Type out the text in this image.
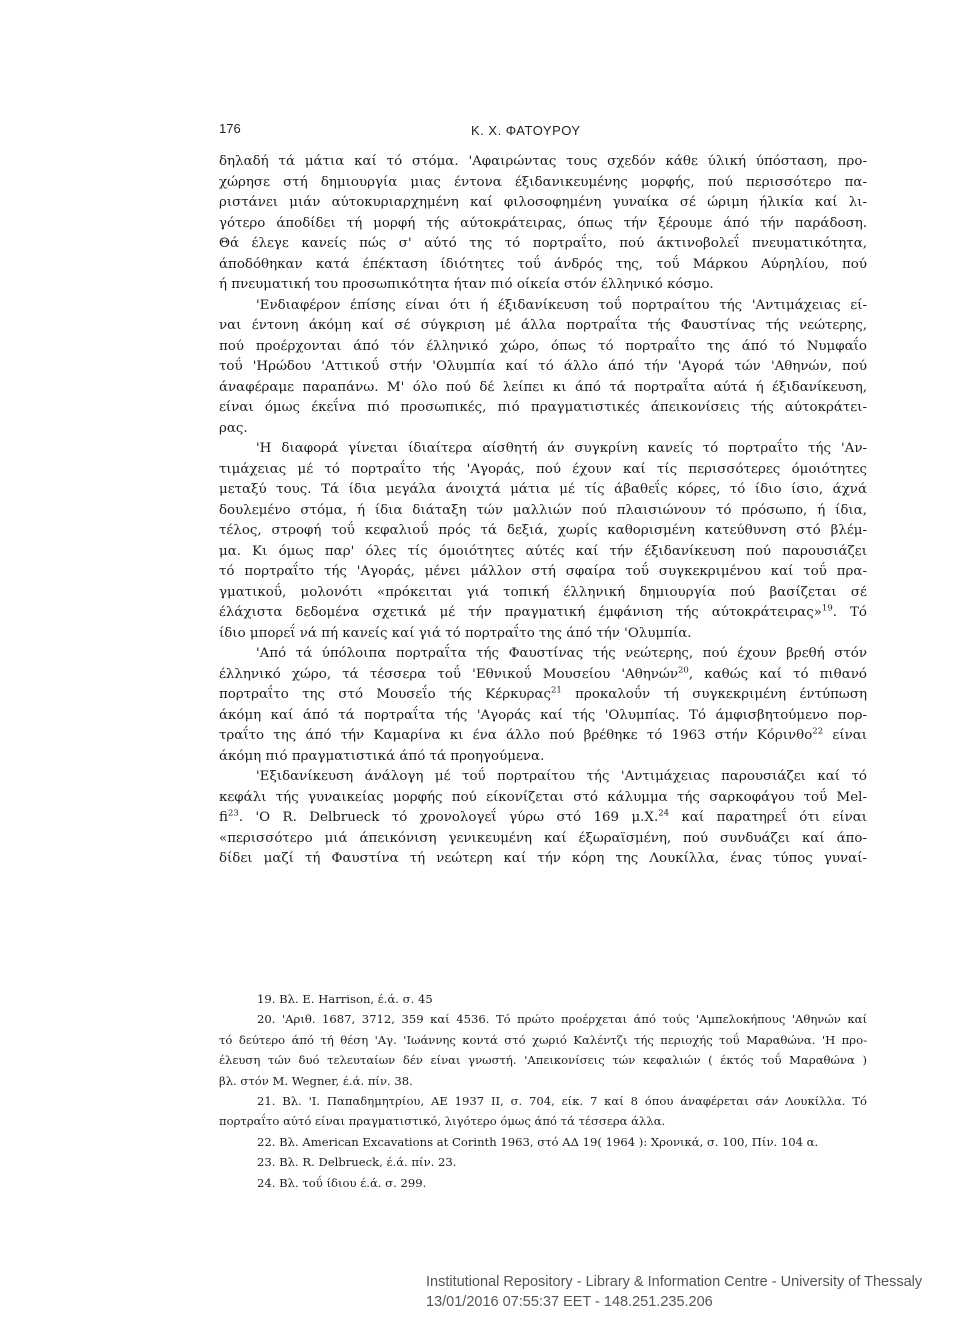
176	Κ. Χ. ΦΑΤΟΥΡΟΥ
δηλαδή τά μάτια καί τό στόμα. 'Αφαιρώντας τους σχεδόν κάθε ύλική ύπόσταση, προ-
χώρησε στή δημιουργία μιας έντονα έξιδανικευμένης μορφής, πού περισσότερο πα-
ριστάνει μιάν αύτοκυριαρχημένη καί φιλοσοφημένη γυναίκα σέ ώριμη ήλικία καί λι-
γότερο άποδίδει τή μορφή τής αύτοκράτειρας, όπως τήν ξέρουμε άπό τήν παράδοση.
Θά έλεγε κανείς πώς σ' αύτό της τό πορτραΐτο, πού άκτινοβολεΐ πνευματικότητα,
άποδόθηκαν κατά έπέκταση ίδιότητες τοΰ άνδρός της, τοΰ Μάρκου Αύρηλίου, πού
ή πνευματική του προσωπικότητα ήταν πιό οίκεία στόν έλληνικό κόσμο.
'Ενδιαφέρον έπίσης είναι ότι ή έξιδανίκευση τοΰ πορτραίτου τής 'Αντιμάχειας εί-
ναι έντονη άκόμη καί σέ σύγκριση μέ άλλα πορτραΐτα τής Φαυστίνας τής νεώτερης,
πού προέρχονται άπό τόν έλληνικό χώρο, όπως τό πορτραΐτο της άπό τό Νυμφαΐο
τοΰ 'Ηρώδου 'Αττικοΰ στήν 'Ολυμπία καί τό άλλο άπό τήν 'Αγορά τών 'Αθηνών, πού
άναφέραμε παραπάνω. Μ' όλο πού δέ λείπει κι άπό τά πορτραΐτα αύτά ή έξιδανίκευση,
είναι όμως έκεΐνα πιό προσωπικές, πιό πραγματιστικές άπεικονίσεις τής αύτοκράτει-
ρας.
'Η διαφορά γίνεται ίδιαίτερα αίσθητή άν συγκρίνη κανείς τό πορτραΐτο τής 'Αν-
τιμάχειας μέ τό πορτραΐτο τής 'Αγοράς, πού έχουν καί τίς περισσότερες όμοιότητες
μεταξύ τους. Τά ίδια μεγάλα άνοιχτά μάτια μέ τίς άβαθεΐς κόρες, τό ίδιο ίσιο, άχνά
δουλεμένο στόμα, ή ίδια διάταξη τών μαλλιών πού πλαισιώνουν τό πρόσωπο, ή ίδια,
τέλος, στροφή τοΰ κεφαλιοΰ πρός τά δεξιά, χωρίς καθορισμένη κατεύθυνση στό βλέμ-
μα. Κι όμως παρ' όλες τίς όμοιότητες αύτές καί τήν έξιδανίκευση πού παρουσιάζει
τό πορτραΐτο τής 'Αγοράς, μένει μάλλον στή σφαίρα τοΰ συγκεκριμένου καί τοΰ πρα-
γματικοΰ, μολονότι «πρόκειται γιά τοπική έλληνική δημιουργία πού βασίζεται σέ
έλάχιστα δεδομένα σχετικά μέ τήν πραγματική έμφάνιση τής αύτοκράτειρας»$^{19}$. Τό
ίδιο μπορεΐ νά πή κανείς καί γιά τό πορτραΐτο της άπό τήν 'Ολυμπία.
'Από τά ύπόλοιπα πορτραΐτα τής Φαυστίνας τής νεώτερης, πού έχουν βρεθή στόν
έλληνικό χώρο, τά τέσσερα τοΰ 'Εθνικοΰ Μουσείου 'Αθηνών$^{20}$, καθώς καί τό πιθανό
πορτραΐτο της στό Μουσεΐο τής Κέρκυρας$^{21}$ προκαλοΰν τή συγκεκριμένη έντύπωση
άκόμη καί άπό τά πορτραΐτα τής 'Αγοράς καί τής 'Ολυμπίας. Τό άμφισβητούμενο πορ-
τραΐτο της άπό τήν Καμαρίνα κι ένα άλλο πού βρέθηκε τό 1963 στήν Κόρινθο$^{22}$ είναι
άκόμη πιό πραγματιστικά άπό τά προηγούμενα.
'Εξιδανίκευση άνάλογη μέ τοΰ πορτραίτου τής 'Αντιμάχειας παρουσιάζει καί τό
κεφάλι τής γυναικείας μορφής πού είκονίζεται στό κάλυμμα τής σαρκοφάγου τοΰ Mel-
$fi^{23}$. 'Ο R. Delbrueck τό χρονολογεΐ γύρω στό 169 μ.Χ.$^{24}$ καί παρατηρεΐ ότι είναι
«περισσότερο μιά άπεικόνιση γενικευμένη καί έξωραϊσμένη, πού συνδυάζει καί άπο-
δίδει μαζί τή Φαυστίνα τή νεώτερη καί τήν κόρη της Λουκίλλα, ένας τύπος γυναί-
19. Βλ. E. Harrison, έ.ά. σ. 45
20. 'Αριθ. 1687, 3712, 359 καί 4536. Τό πρώτο προέρχεται άπό τούς 'Αμπελοκήπους 'Αθηνών καί
τό δεύτερο άπό τή θέση 'Αγ. 'Ιωάννης κοντά στό χωριό Καλέντζι τής περιοχής τοΰ Μαραθώνα. 'Η προ-
έλευση τών δυό τελευταίων δέν είναι γνωστή. 'Απεικονίσεις τών κεφαλιών ( έκτός τοΰ Μαραθώνα )
βλ. στόν M. Wegner, έ.ά. πίν. 38.
21. Βλ. 'Ι. Παπαδημητρίου, ΑΕ 1937 II, σ. 704, είκ. 7 καί 8 όπου άναφέρεται σάν Λουκίλλα. Τό
πορτραΐτο αύτό είναι πραγματιστικό, λιγότερο όμως άπό τά τέσσερα άλλα.
22. Βλ. American Excavations at Corinth 1963, στό ΑΔ 19( 1964 ): Χρονικά, σ. 100, Πίν. 104 α.
23. Βλ. R. Delbrueck, έ.ά. πίν. 23.
24. Βλ. τοΰ ίδιου έ.ά. σ. 299.
Institutional Repository - Library & Information Centre - University of Thessaly
13/01/2016 07:55:37 EET - 148.251.235.206
